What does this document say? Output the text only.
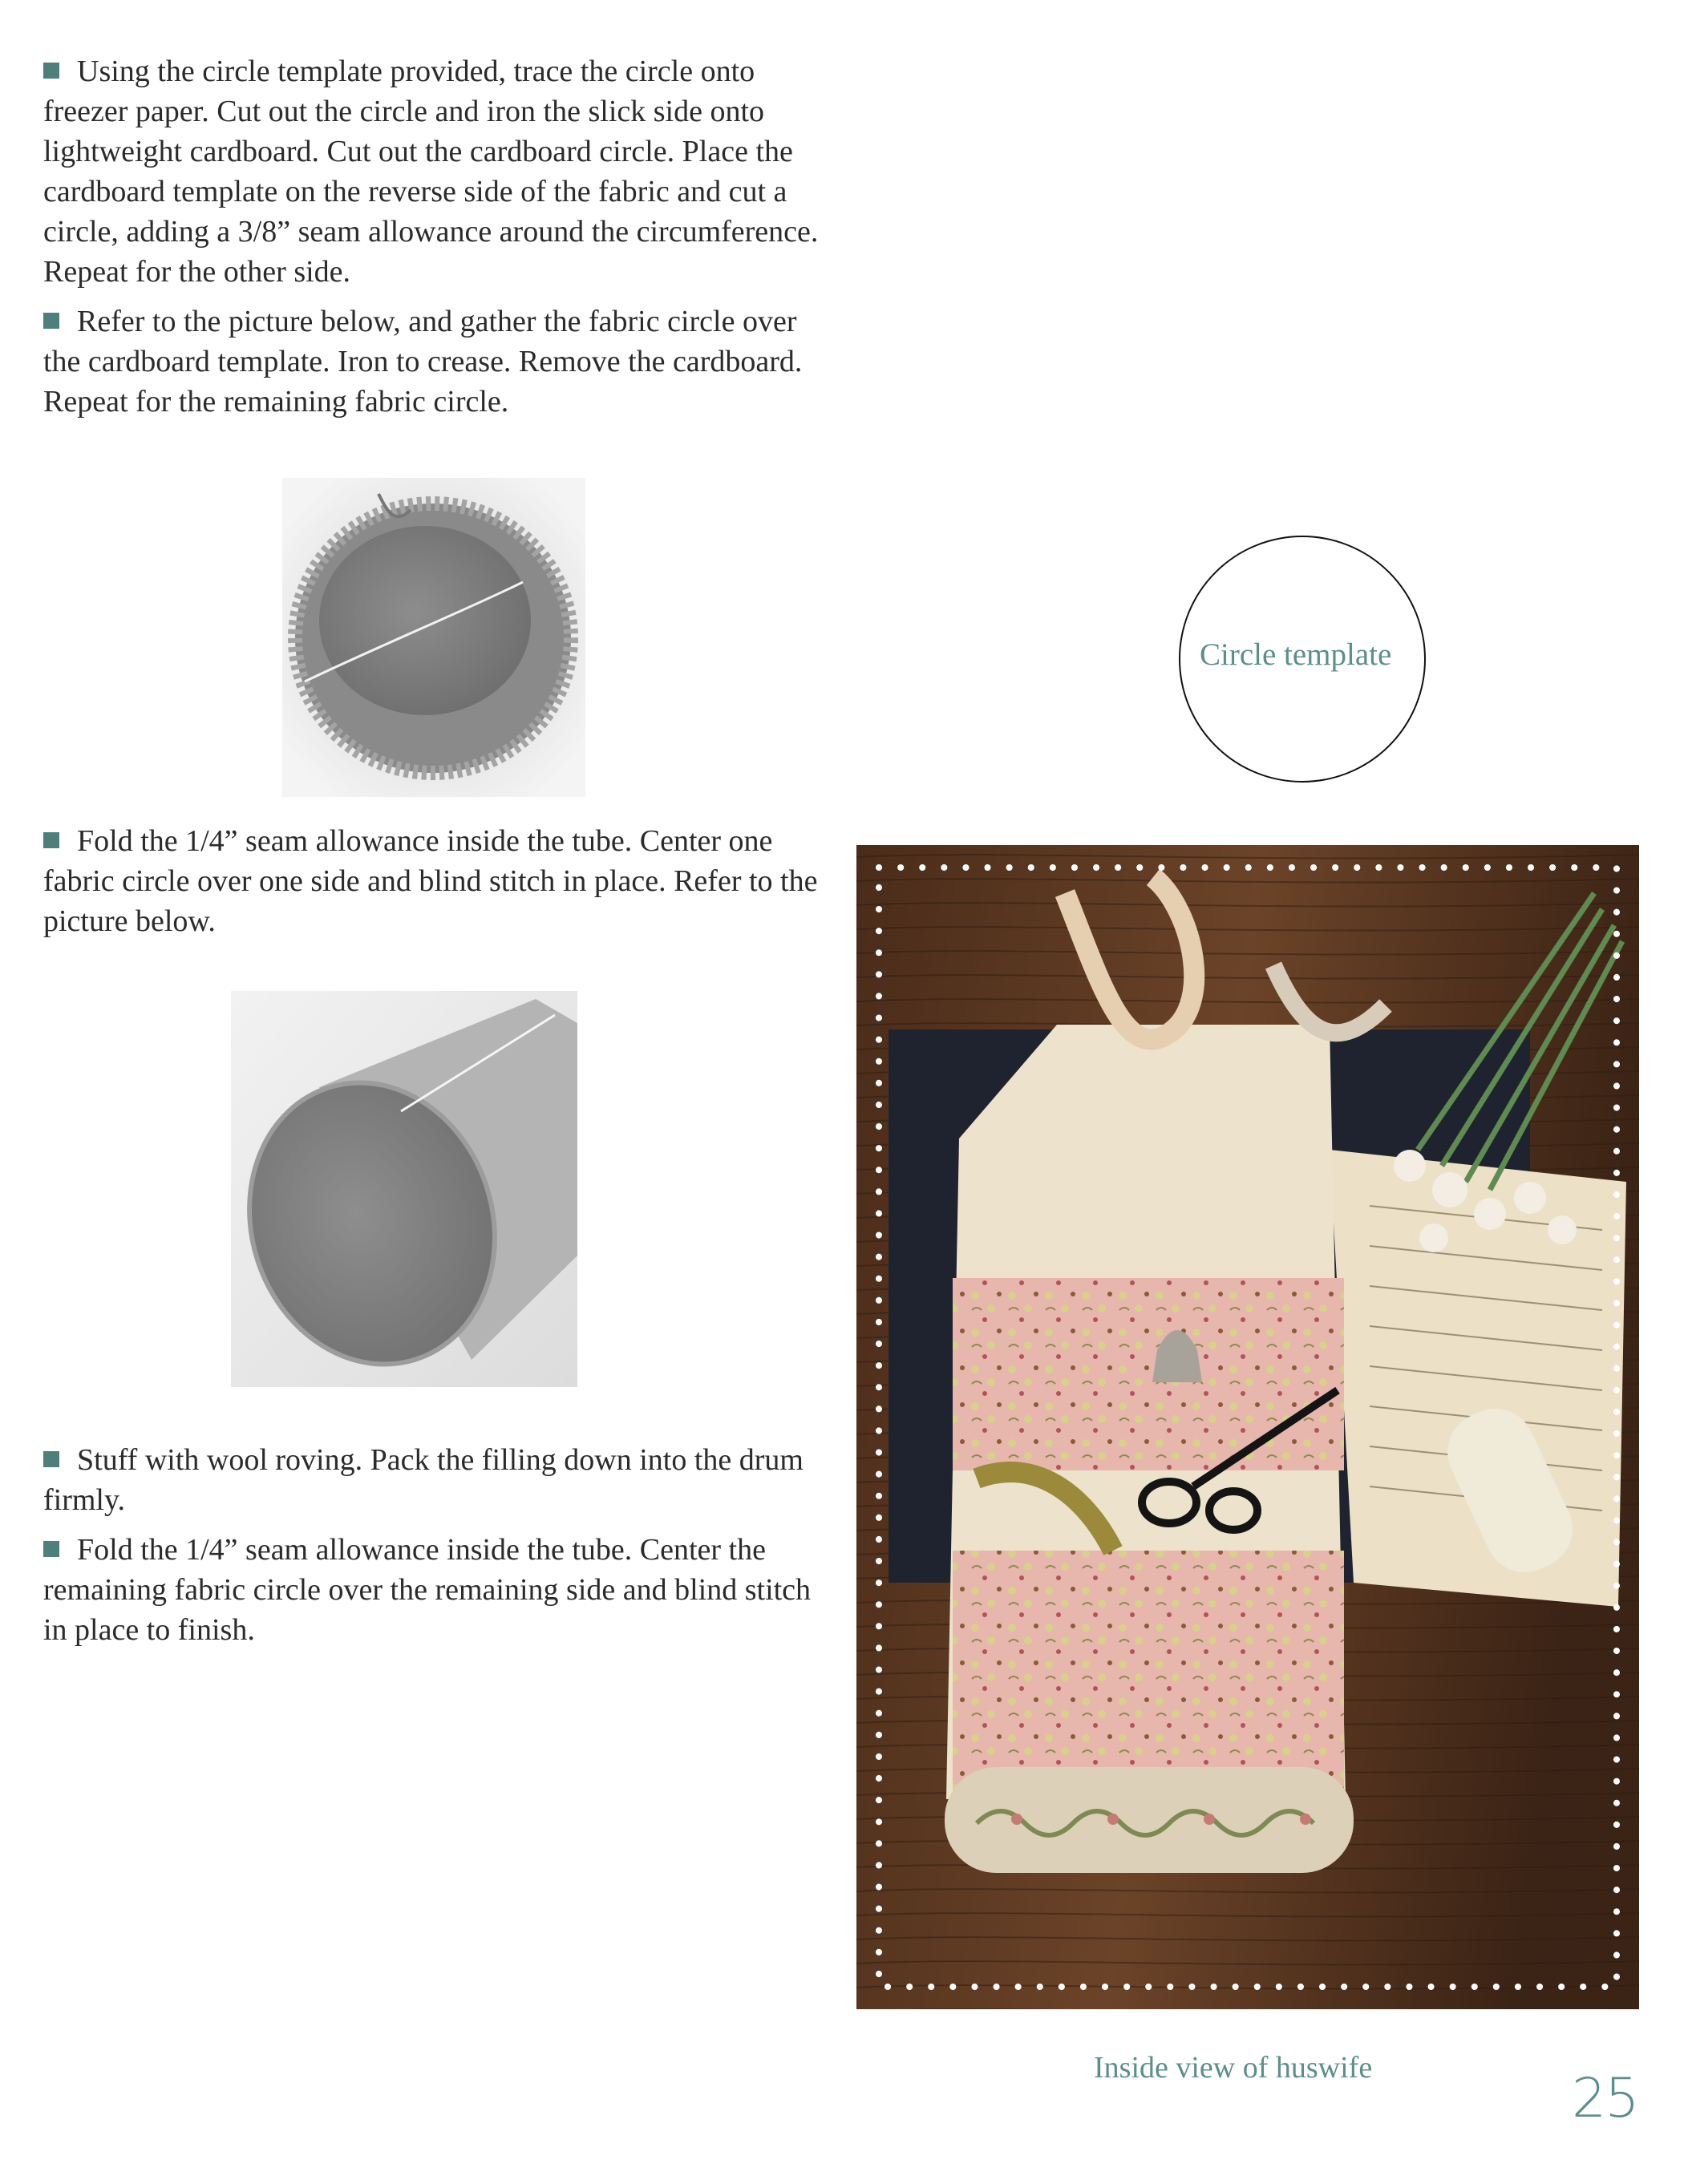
Using the circle template provided, trace the circle onto freezer paper. Cut out the circle and iron the slick side onto lightweight cardboard. Cut out the cardboard circle. Place the cardboard template on the reverse side of the fabric and cut a circle, adding a 3/8” seam allowance around the circumference. Repeat for the other side.

Refer to the picture below, and gather the fabric circle over the cardboard template. Iron to crease. Remove the cardboard. Repeat for the remaining fabric circle.

Fold the 1/4” seam allowance inside the tube. Center one fabric circle over one side and blind stitch in place. Refer to the picture below.

Stuff with wool roving. Pack the filling down into the drum firmly.

Fold the 1/4” seam allowance inside the tube. Center the remaining fabric circle over the remaining side and blind stitch in place to finish.

Circle template
Inside view of huswife	25
